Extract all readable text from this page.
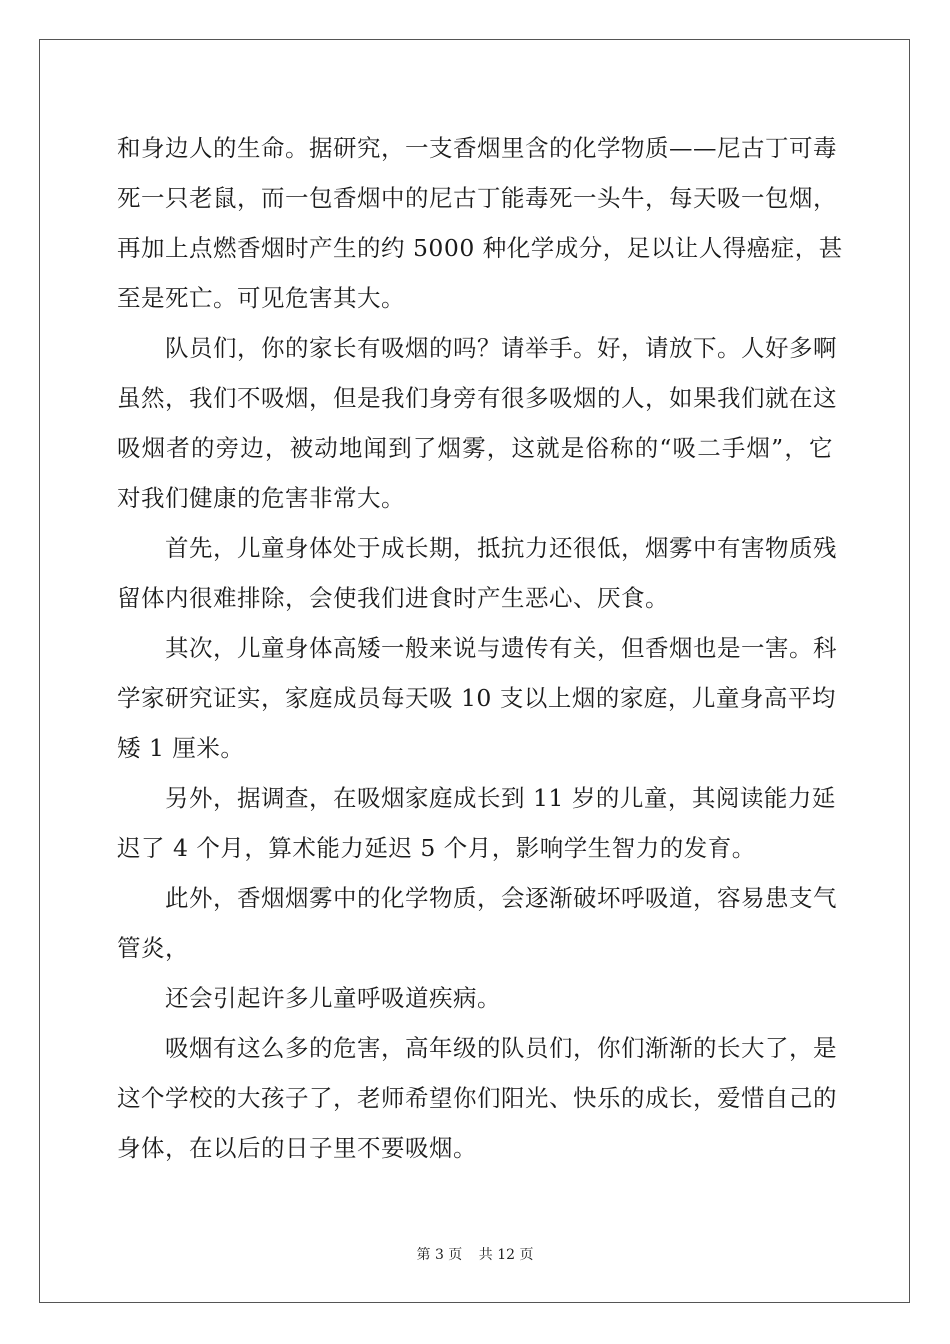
和身边人的生命。据研究，一支香烟里含的化学物质——尼古丁可毒
死一只老鼠，而一包香烟中的尼古丁能毒死一头牛，每天吸一包烟，
再加上点燃香烟时产生的约 5000 种化学成分，足以让人得癌症，甚
至是死亡。可见危害其大。
队员们，你的家长有吸烟的吗？请举手。好，请放下。人好多啊
虽然，我们不吸烟，但是我们身旁有很多吸烟的人，如果我们就在这
吸烟者的旁边，被动地闻到了烟雾，这就是俗称的“吸二手烟”，它
对我们健康的危害非常大。
首先，儿童身体处于成长期，抵抗力还很低，烟雾中有害物质残
留体内很难排除，会使我们进食时产生恶心、厌食。
其次，儿童身体高矮一般来说与遗传有关，但香烟也是一害。科
学家研究证实，家庭成员每天吸 10 支以上烟的家庭，儿童身高平均
矮 1 厘米。
另外，据调查，在吸烟家庭成长到 11 岁的儿童，其阅读能力延
迟了 4 个月，算术能力延迟 5 个月，影响学生智力的发育。
此外，香烟烟雾中的化学物质，会逐渐破坏呼吸道，容易患支气
管炎，
还会引起许多儿童呼吸道疾病。
吸烟有这么多的危害，高年级的队员们，你们渐渐的长大了，是
这个学校的大孩子了，老师希望你们阳光、快乐的成长，爱惜自己的
身体，在以后的日子里不要吸烟。
第 3 页 共 12 页
